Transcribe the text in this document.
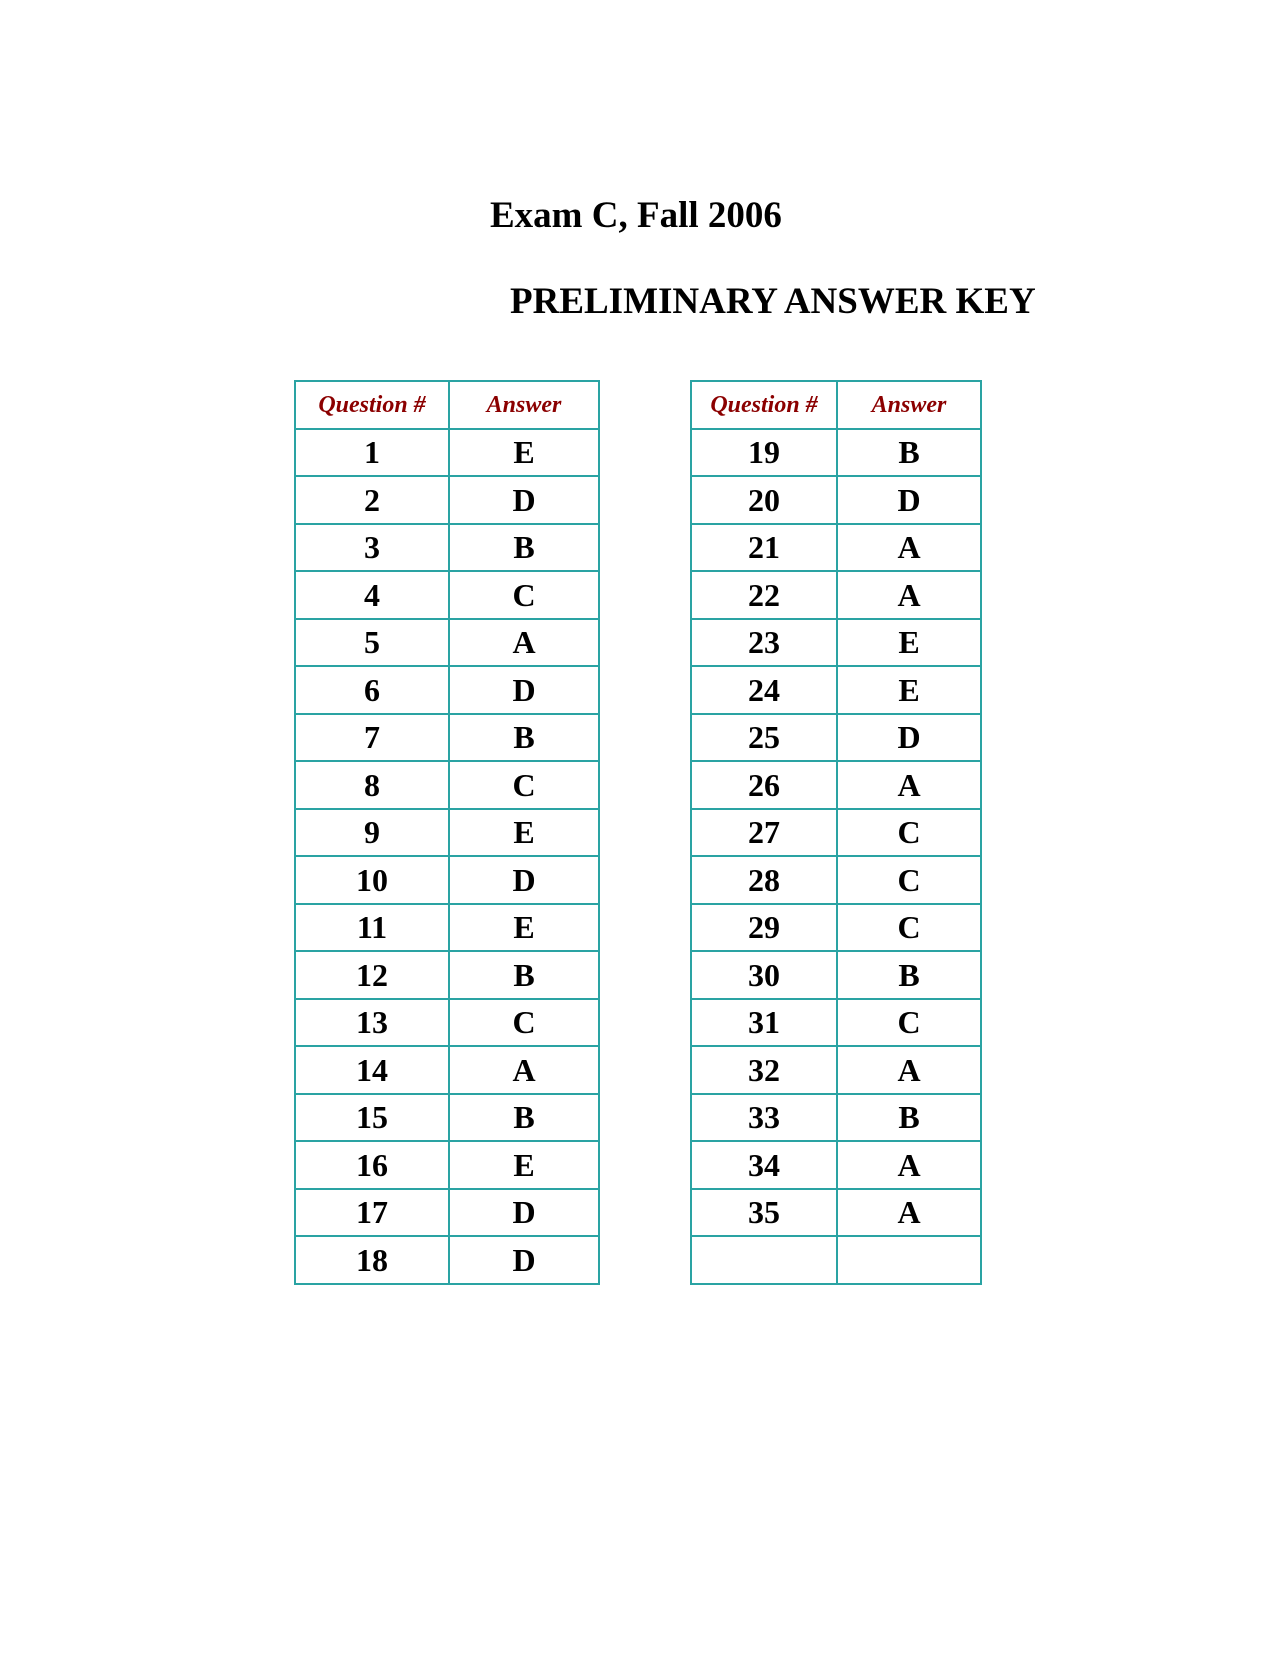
Exam C, Fall 2006
PRELIMINARY ANSWER KEY
Question #	Answer
1	E
2	D
3	B
4	C
5	A
6	D
7	B
8	C
9	E
10	D
11	E
12	B
13	C
14	A
15	B
16	E
17	D
18	D
Question #	Answer
19	B
20	D
21	A
22	A
23	E
24	E
25	D
26	A
27	C
28	C
29	C
30	B
31	C
32	A
33	B
34	A
35	A
